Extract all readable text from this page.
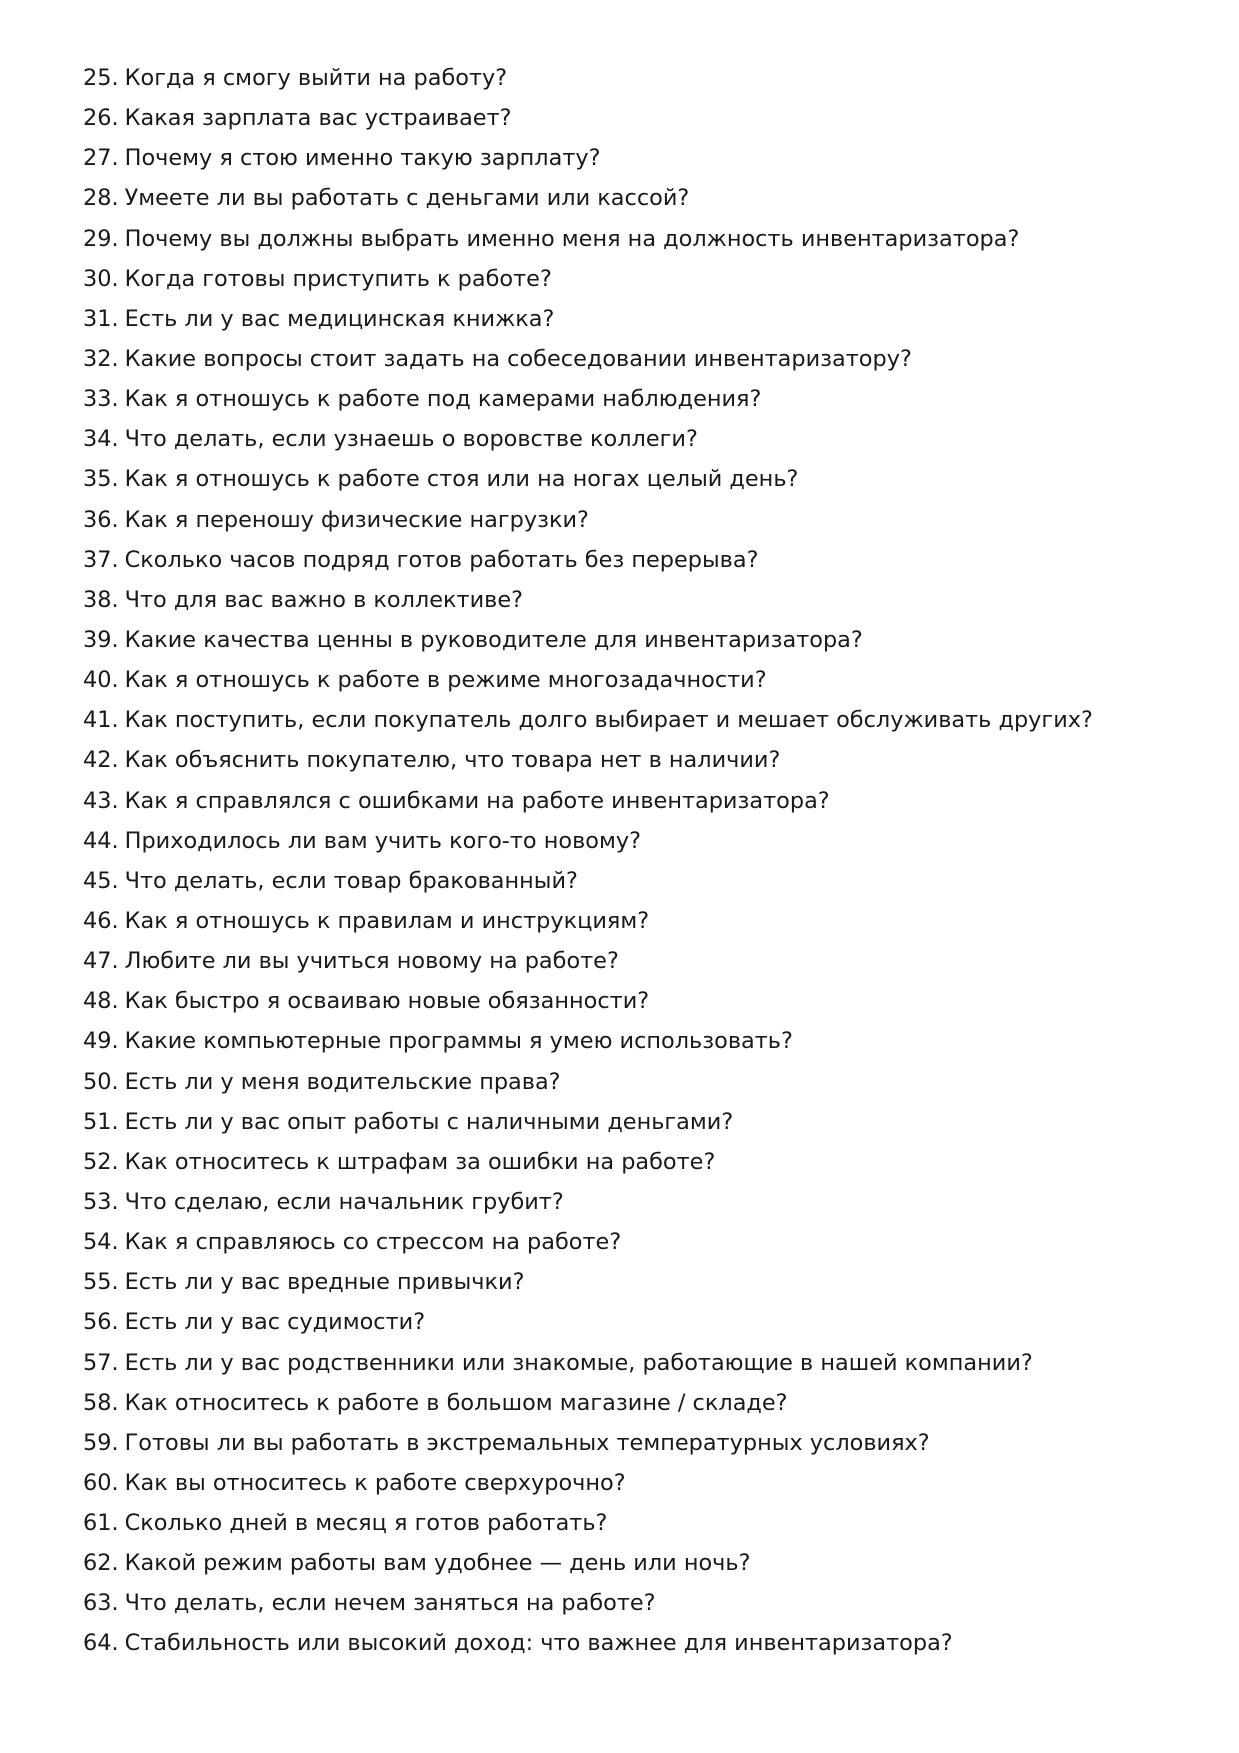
25. Когда я смогу выйти на работу?
26. Какая зарплата вас устраивает?
27. Почему я стою именно такую зарплату?
28. Умеете ли вы работать с деньгами или кассой?
29. Почему вы должны выбрать именно меня на должность инвентаризатора?
30. Когда готовы приступить к работе?
31. Есть ли у вас медицинская книжка?
32. Какие вопросы стоит задать на собеседовании инвентаризатору?
33. Как я отношусь к работе под камерами наблюдения?
34. Что делать, если узнаешь о воровстве коллеги?
35. Как я отношусь к работе стоя или на ногах целый день?
36. Как я переношу физические нагрузки?
37. Сколько часов подряд готов работать без перерыва?
38. Что для вас важно в коллективе?
39. Какие качества ценны в руководителе для инвентаризатора?
40. Как я отношусь к работе в режиме многозадачности?
41. Как поступить, если покупатель долго выбирает и мешает обслуживать других?
42. Как объяснить покупателю, что товара нет в наличии?
43. Как я справлялся с ошибками на работе инвентаризатора?
44. Приходилось ли вам учить кого-то новому?
45. Что делать, если товар бракованный?
46. Как я отношусь к правилам и инструкциям?
47. Любите ли вы учиться новому на работе?
48. Как быстро я осваиваю новые обязанности?
49. Какие компьютерные программы я умею использовать?
50. Есть ли у меня водительские права?
51. Есть ли у вас опыт работы с наличными деньгами?
52. Как относитесь к штрафам за ошибки на работе?
53. Что сделаю, если начальник грубит?
54. Как я справляюсь со стрессом на работе?
55. Есть ли у вас вредные привычки?
56. Есть ли у вас судимости?
57. Есть ли у вас родственники или знакомые, работающие в нашей компании?
58. Как относитесь к работе в большом магазине / складе?
59. Готовы ли вы работать в экстремальных температурных условиях?
60. Как вы относитесь к работе сверхурочно?
61. Сколько дней в месяц я готов работать?
62. Какой режим работы вам удобнее — день или ночь?
63. Что делать, если нечем заняться на работе?
64. Стабильность или высокий доход: что важнее для инвентаризатора?
